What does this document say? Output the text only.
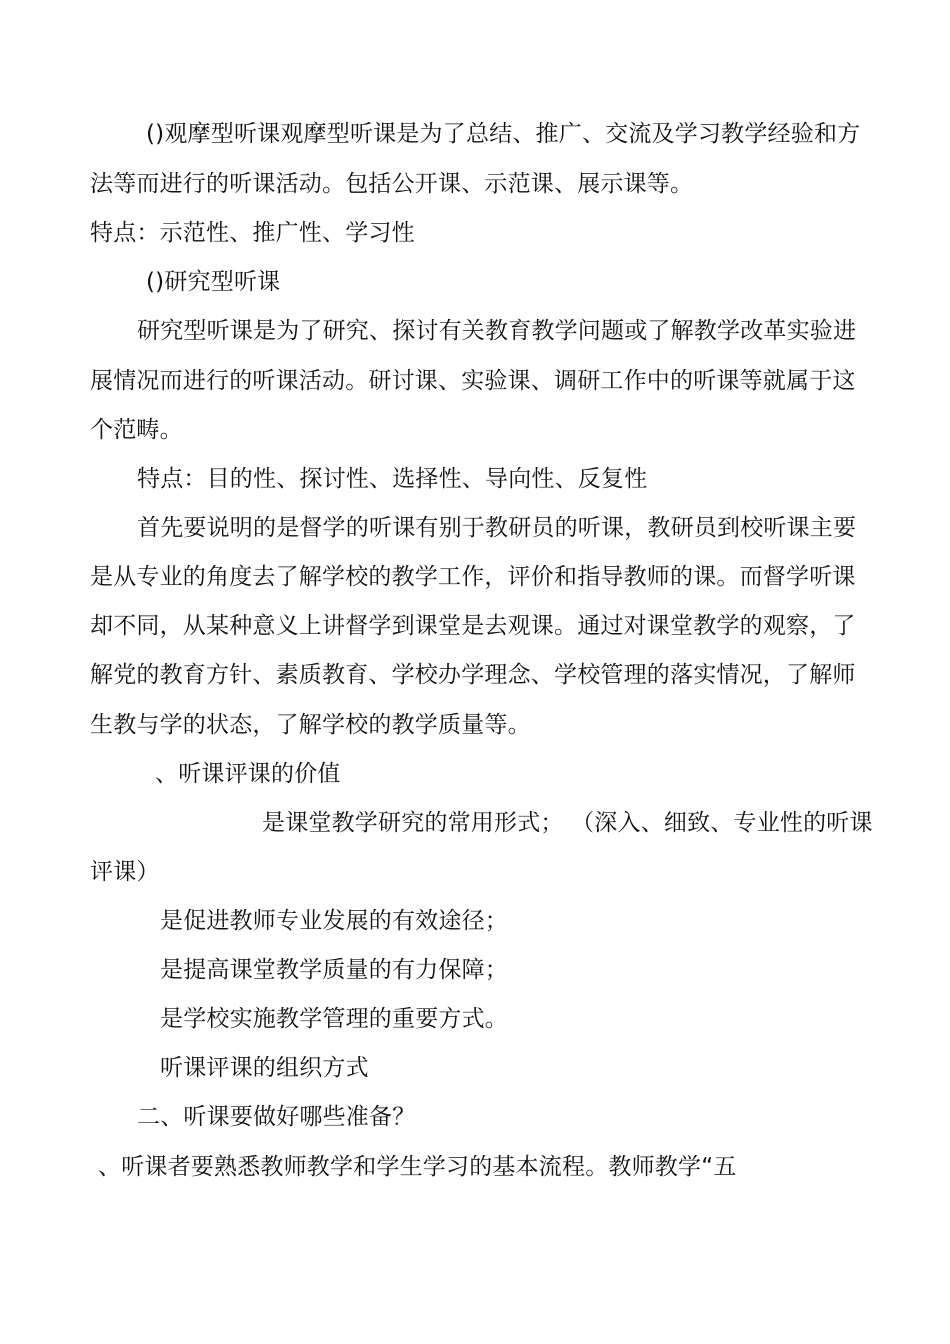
()观摩型听课观摩型听课是为了总结、推广、交流及学习教学经验和方

法等而进行的听课活动。包括公开课、示范课、展示课等。

特点：示范性、推广性、学习性

()研究型听课

研究型听课是为了研究、探讨有关教育教学问题或了解教学改革实验进

展情况而进行的听课活动。研讨课、实验课、调研工作中的听课等就属于这

个范畴。

特点：目的性、探讨性、选择性、导向性、反复性

首先要说明的是督学的听课有别于教研员的听课，教研员到校听课主要

是从专业的角度去了解学校的教学工作，评价和指导教师的课。而督学听课

却不同，从某种意义上讲督学到课堂是去观课。通过对课堂教学的观察，了

解党的教育方针、素质教育、学校办学理念、学校管理的落实情况，了解师

生教与学的状态，了解学校的教学质量等。

、听课评课的价值

是课堂教学研究的常用形式； （深入、细致、专业性的听课

评课）

是促进教师专业发展的有效途径；

是提高课堂教学质量的有力保障；

是学校实施教学管理的重要方式。

听课评课的组织方式

二、听课要做好哪些准备？

、听课者要熟悉教师教学和学生学习的基本流程。教师教学“五
